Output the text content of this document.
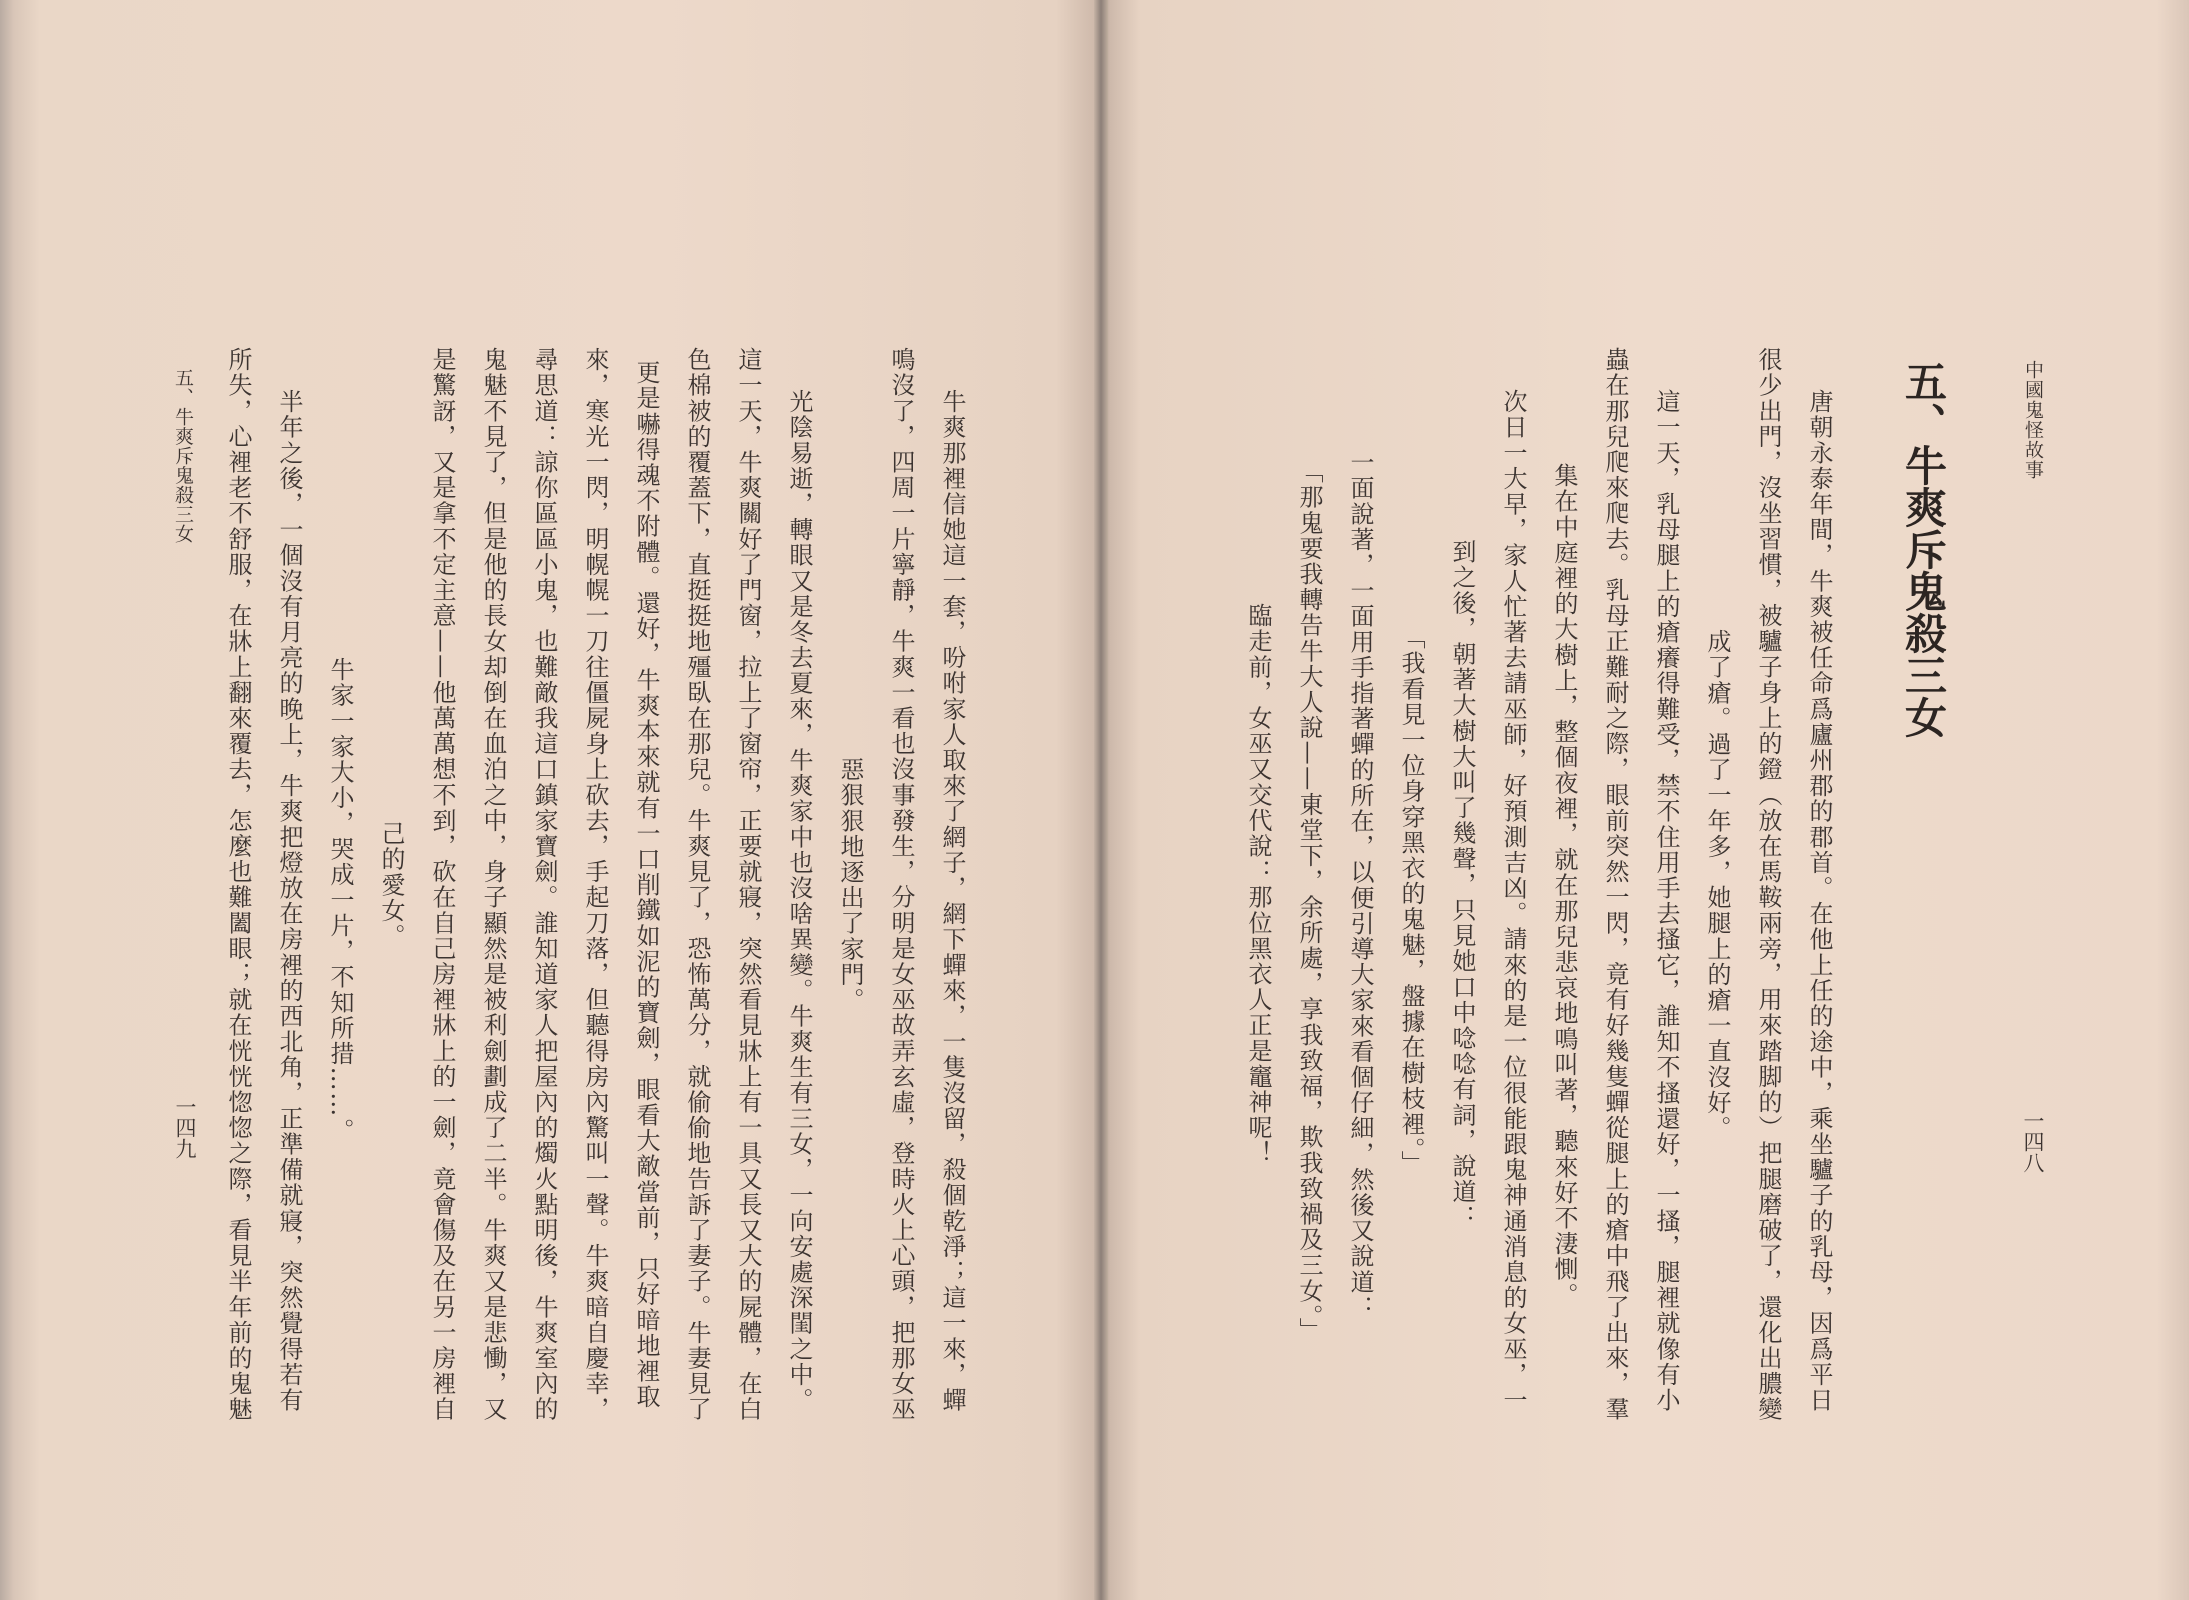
中國鬼怪故事
五、牛爽斥鬼殺三女
一四八
唐朝永泰年間，牛爽被任命爲廬州郡的郡首。在他上任的途中，乘坐驢子的乳母，因爲平日
很少出門，沒坐習慣，被驢子身上的鐙（放在馬鞍兩旁，用來踏脚的）把腿磨破了，還化出膿變
成了瘡。過了一年多，她腿上的瘡一直沒好。
這一天，乳母腿上的瘡癢得難受，禁不住用手去搔它，誰知不搔還好，一搔，腿裡就像有小
蟲在那兒爬來爬去。乳母正難耐之際，眼前突然一閃，竟有好幾隻蟬從腿上的瘡中飛了出來，羣
集在中庭裡的大樹上，整個夜裡，就在那兒悲哀地鳴叫著，聽來好不淒惻。
次日一大早，家人忙著去請巫師，好預測吉凶。請來的是一位很能跟鬼神通消息的女巫，一
到之後，朝著大樹大叫了幾聲，只見她口中唸唸有詞，說道：
「我看見一位身穿黑衣的鬼魅，盤據在樹枝裡。」
一面說著，一面用手指著蟬的所在，以便引導大家來看個仔細，然後又說道：
「那鬼要我轉告牛大人說——東堂下，余所處，享我致福，欺我致禍及三女。」
臨走前，女巫又交代說：那位黑衣人正是竈神呢！
牛爽那裡信她這一套，吩咐家人取來了網子，網下蟬來，一隻沒留，殺個乾淨；這一來，蟬
鳴沒了，四周一片寧靜，牛爽一看也沒事發生，分明是女巫故弄玄虛，登時火上心頭，把那女巫
惡狠狠地逐出了家門。
光陰易逝，轉眼又是冬去夏來，牛爽家中也沒啥異變。牛爽生有三女，一向安處深閨之中。
這一天，牛爽關好了門窗，拉上了窗帘，正要就寢，突然看見牀上有一具又長又大的屍體，在白
色棉被的覆蓋下，直挺挺地殭臥在那兒。牛爽見了，恐怖萬分，就偷偷地告訴了妻子。牛妻見了
更是嚇得魂不附體。還好，牛爽本來就有一口削鐵如泥的寶劍，眼看大敵當前，只好暗地裡取
來，寒光一閃，明幌幌一刀往僵屍身上砍去，手起刀落，但聽得房內驚叫一聲。牛爽暗自慶幸，
尋思道：諒你區區小鬼，也難敵我這口鎮家寶劍。誰知道家人把屋內的燭火點明後，牛爽室內的
鬼魅不見了，但是他的長女却倒在血泊之中，身子顯然是被利劍劃成了二半。牛爽又是悲慟，又
是驚訝，又是拿不定主意——他萬萬想不到，砍在自己房裡牀上的一劍，竟會傷及在另一房裡自
己的愛女。
牛家一家大小，哭成一片，不知所措……。
半年之後，一個沒有月亮的晚上，牛爽把燈放在房裡的西北角，正準備就寢，突然覺得若有
所失，心裡老不舒服，在牀上翻來覆去，怎麼也難闔眼；就在恍恍惚惚之際，看見半年前的鬼魅
五、牛爽斥鬼殺三女
一四九
